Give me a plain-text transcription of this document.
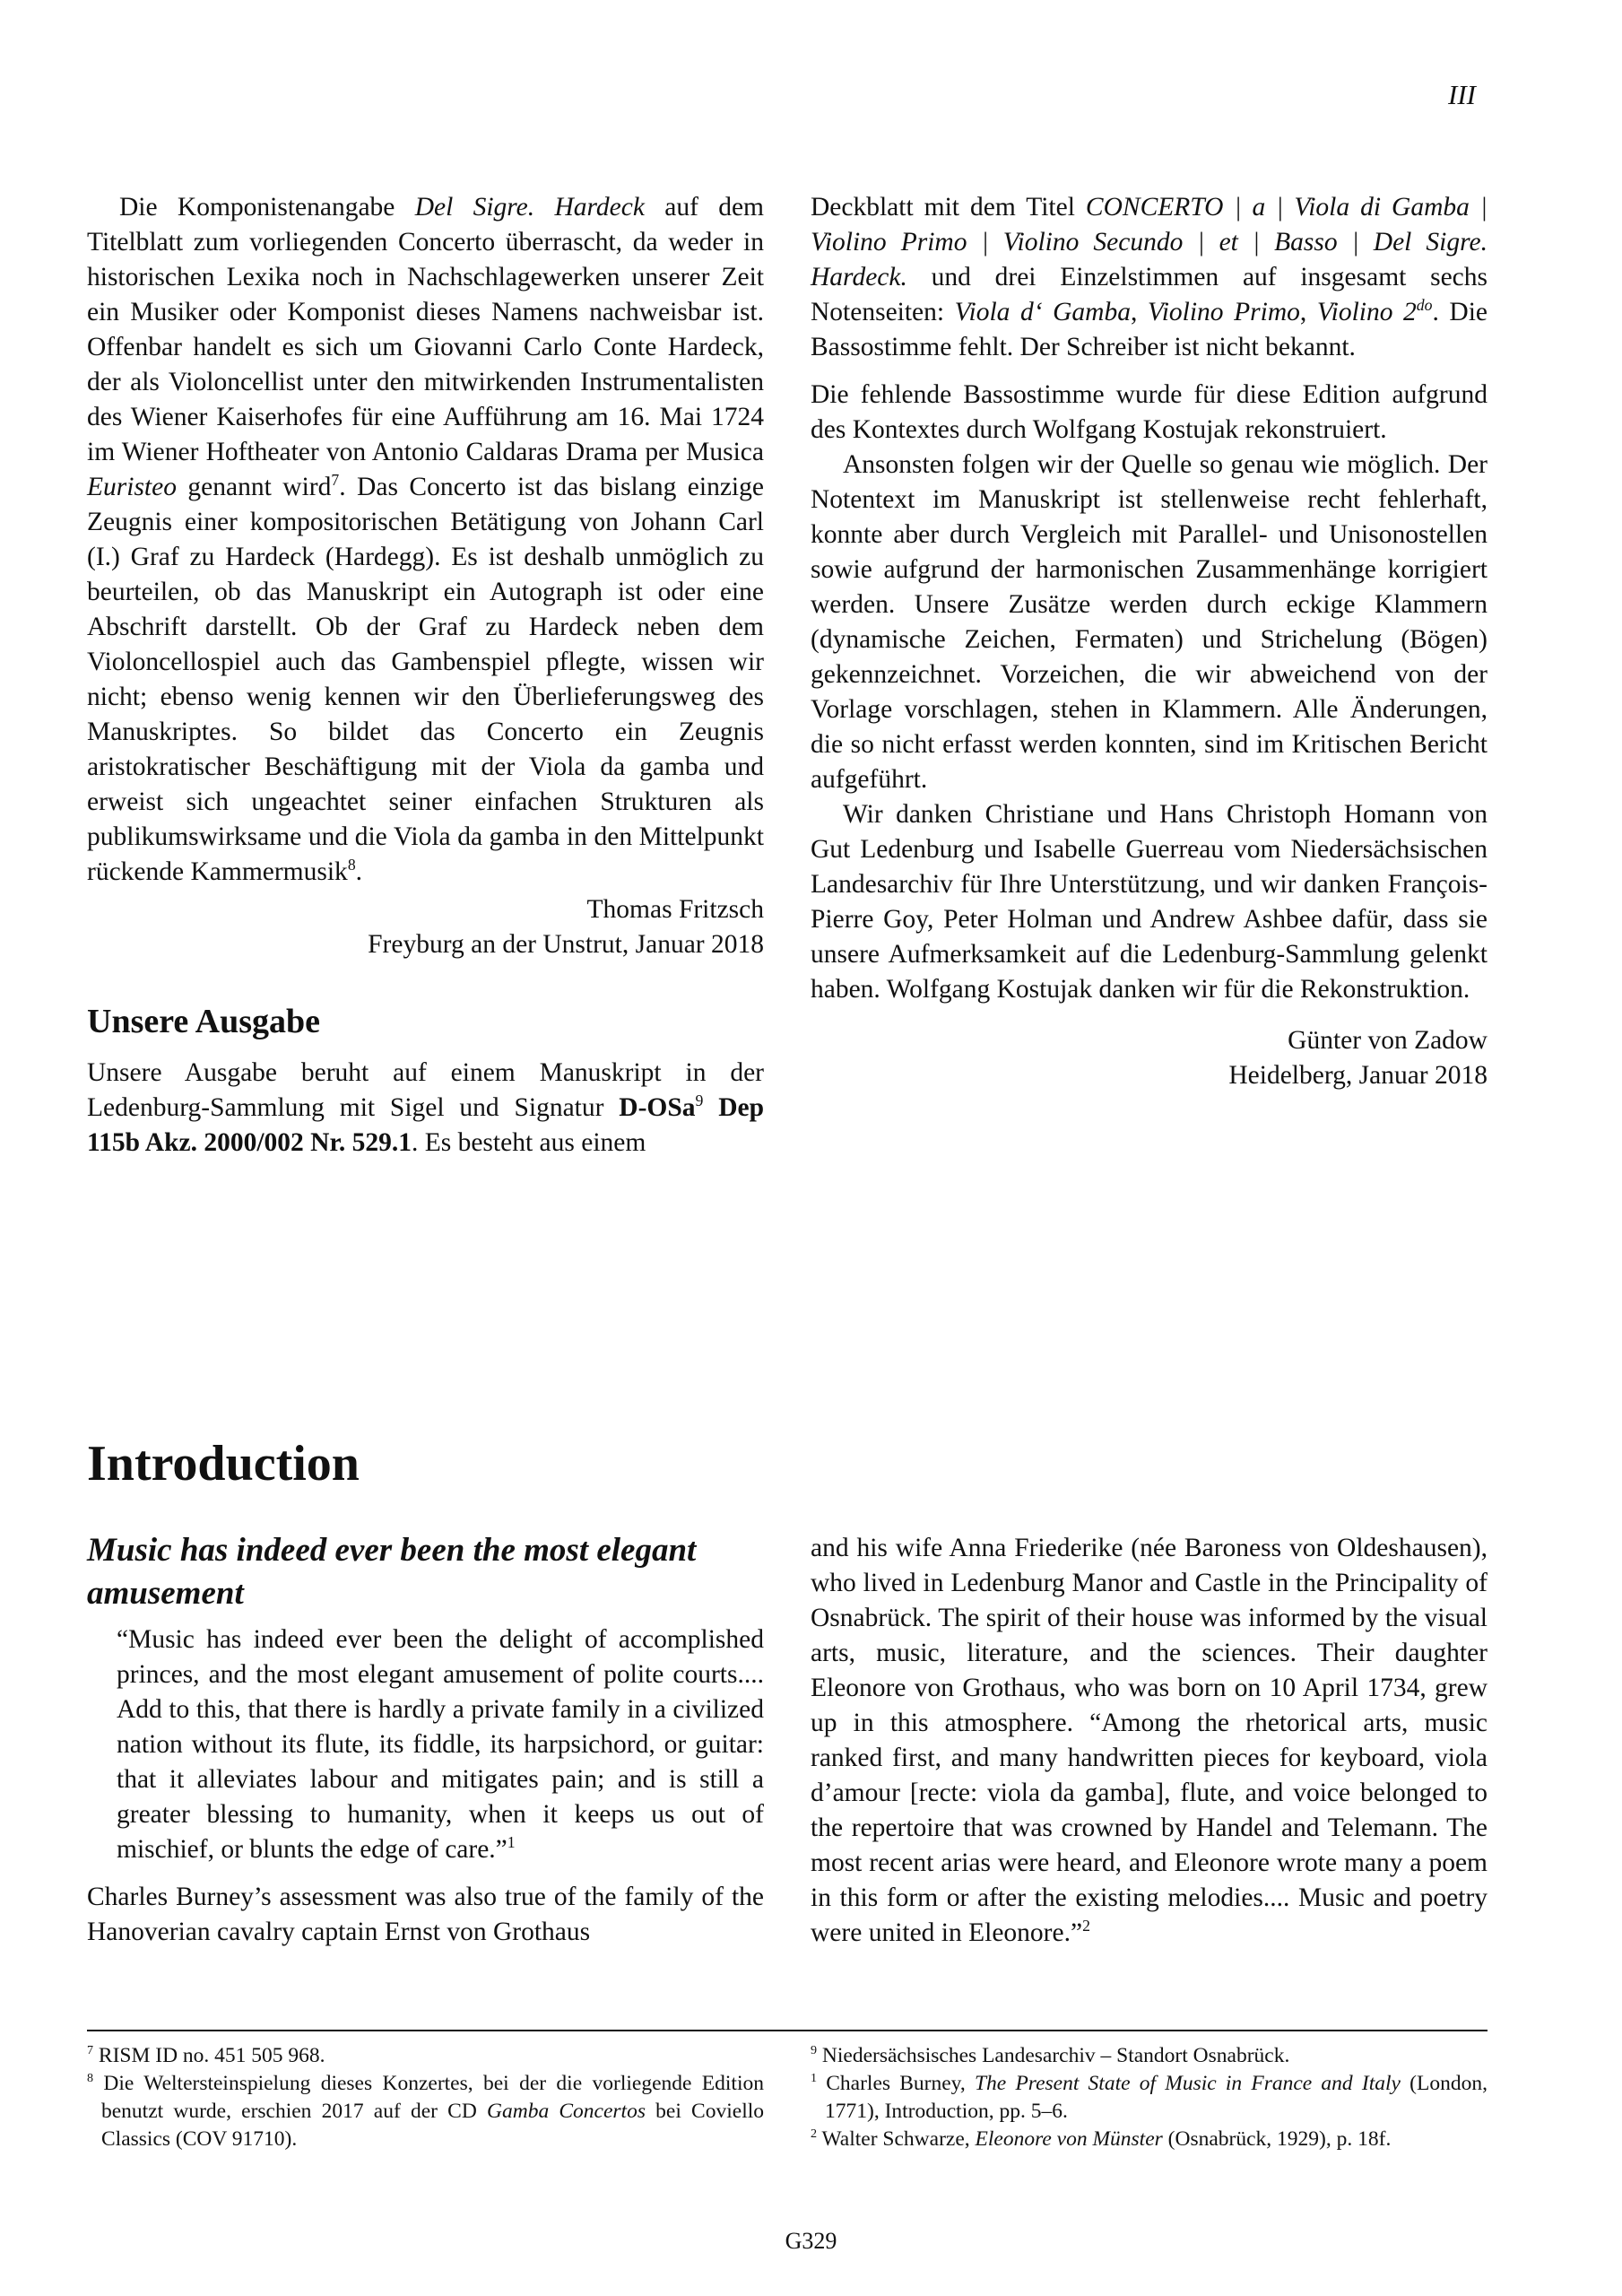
III

Die Komponistenangabe Del Sigre. Hardeck auf dem Titelblatt zum vorliegenden Concerto überrascht, da weder in historischen Lexika noch in Nachschlagewerken unserer Zeit ein Musiker oder Komponist dieses Namens nachweisbar ist. Offenbar handelt es sich um Giovanni Carlo Conte Hardeck, der als Violoncellist unter den mitwirkenden Instrumentalisten des Wiener Kaiserhofes für eine Aufführung am 16. Mai 1724 im Wiener Hoftheater von Antonio Caldaras Drama per Musica Euristeo genannt wird$^7$. Das Concerto ist das bislang einzige Zeugnis einer kompositorischen Betätigung von Johann Carl (I.) Graf zu Hardeck (Hardegg). Es ist deshalb unmöglich zu beurteilen, ob das Manuskript ein Autograph ist oder eine Abschrift darstellt. Ob der Graf zu Hardeck neben dem Violoncellospiel auch das Gambenspiel pflegte, wissen wir nicht; ebenso wenig kennen wir den Überlieferungsweg des Manuskriptes. So bildet das Concerto ein Zeugnis aristokratischer Beschäftigung mit der Viola da gamba und erweist sich ungeachtet seiner einfachen Strukturen als publikumswirksame und die Viola da gamba in den Mittelpunkt rückende Kammermusik$^8$.

Thomas Fritzsch

Freyburg an der Unstrut, Januar 2018

Unsere Ausgabe

Unsere Ausgabe beruht auf einem Manuskript in der Ledenburg-Sammlung mit Sigel und Signatur D-OSa$^9$ Dep 115b Akz. 2000/002 Nr. 529.1. Es besteht aus einem

Deckblatt mit dem Titel CONCERTO | a | Viola di Gamba | Violino Primo | Violino Secundo | et | Basso | Del Sigre. Hardeck. und drei Einzelstimmen auf insgesamt sechs Notenseiten: Viola d‘ Gamba, Violino Primo, Violino $2^{do}$. Die Bassostimme fehlt. Der Schreiber ist nicht bekannt.

Die fehlende Bassostimme wurde für diese Edition aufgrund des Kontextes durch Wolfgang Kostujak rekonstruiert.

Ansonsten folgen wir der Quelle so genau wie möglich. Der Notentext im Manuskript ist stellenweise recht fehlerhaft, konnte aber durch Vergleich mit Parallel- und Unisonostellen sowie aufgrund der harmonischen Zusammenhänge korrigiert werden. Unsere Zusätze werden durch eckige Klammern (dynamische Zeichen, Fermaten) und Strichelung (Bögen) gekennzeichnet. Vorzeichen, die wir abweichend von der Vorlage vorschlagen, stehen in Klammern. Alle Änderungen, die so nicht erfasst werden konnten, sind im Kritischen Bericht aufgeführt.

Wir danken Christiane und Hans Christoph Homann von Gut Ledenburg und Isabelle Guerreau vom Niedersächsischen Landesarchiv für Ihre Unterstützung, und wir danken François-Pierre Goy, Peter Holman und Andrew Ashbee dafür, dass sie unsere Aufmerksamkeit auf die Ledenburg-Sammlung gelenkt haben. Wolfgang Kostujak danken wir für die Rekonstruktion.

Günter von Zadow

Heidelberg, Januar 2018

Introduction

Music has indeed ever been the most elegant amusement

“Music has indeed ever been the delight of accomplished princes, and the most elegant amusement of polite courts.... Add to this, that there is hardly a private family in a civilized nation without its flute, its fiddle, its harpsichord, or guitar: that it alleviates labour and mitigates pain; and is still a greater blessing to humanity, when it keeps us out of mischief, or blunts the edge of care.”$^1$

Charles Burney’s assessment was also true of the family of the Hanoverian cavalry captain Ernst von Grothaus

and his wife Anna Friederike (née Baroness von Oldeshausen), who lived in Ledenburg Manor and Castle in the Principality of Osnabrück. The spirit of their house was informed by the visual arts, music, literature, and the sciences. Their daughter Eleonore von Grothaus, who was born on 10 April 1734, grew up in this atmosphere. “Among the rhetorical arts, music ranked first, and many handwritten pieces for keyboard, viola d’amour [recte: viola da gamba], flute, and voice belonged to the repertoire that was crowned by Handel and Telemann. The most recent arias were heard, and Eleonore wrote many a poem in this form or after the existing melodies.... Music and poetry were united in Eleonore.”$^2$

$^7$ RISM ID no. 451 505 968.

$^8$ Die Weltersteinspielung dieses Konzertes, bei der die vorliegende Edition benutzt wurde, erschien 2017 auf der CD Gamba Concertos bei Coviello Classics (COV 91710).

$^9$ Niedersächsisches Landesarchiv – Standort Osnabrück.

$^1$ Charles Burney, The Present State of Music in France and Italy (London, 1771), Introduction, pp. 5–6.

$^2$ Walter Schwarze, Eleonore von Münster (Osnabrück, 1929), p. 18f.

G329
